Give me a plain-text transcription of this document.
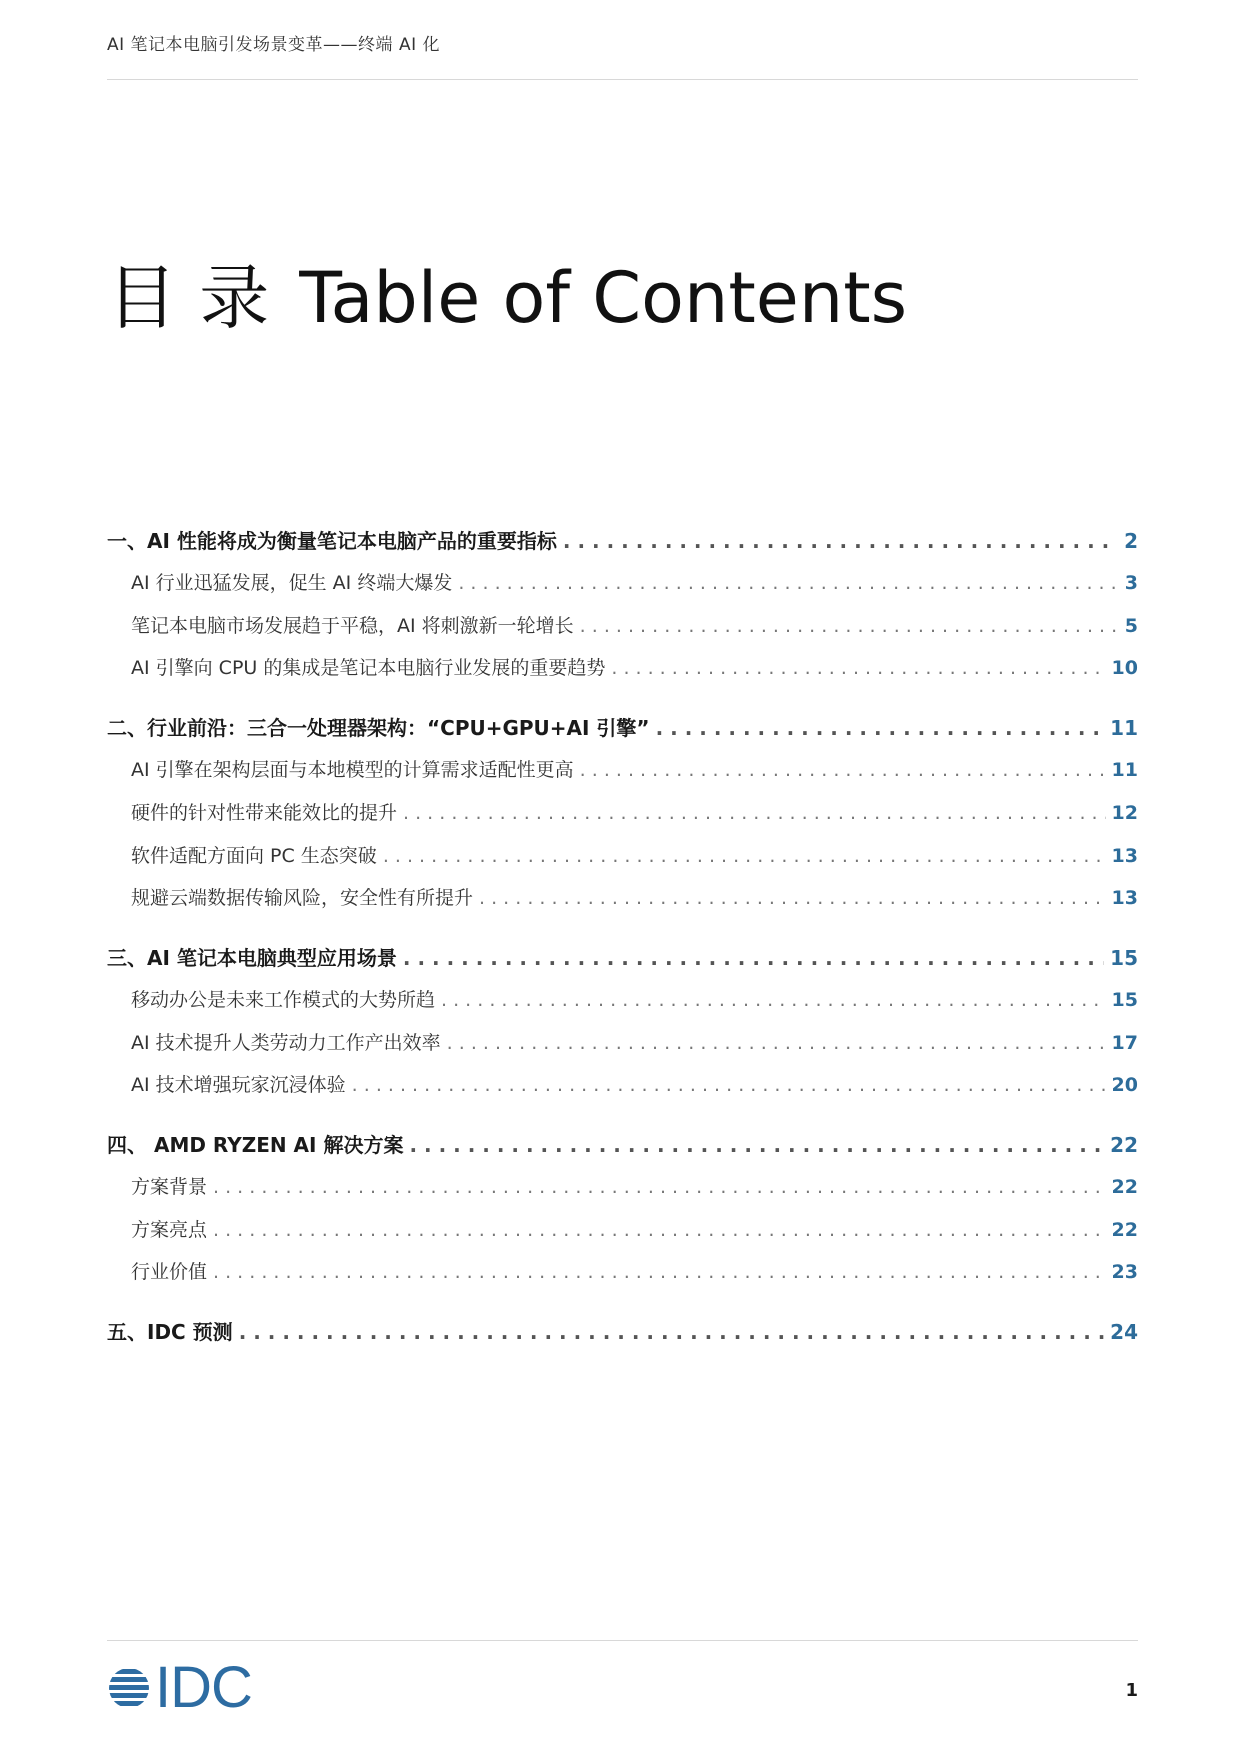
AI 笔记本电脑引发场景变革——终端 AI 化
目 录 Table of Contents
一、AI 性能将成为衡量笔记本电脑产品的重要指标 . . .	2
AI 行业迅猛发展，促生 AI 终端大爆发 . . .	3
笔记本电脑市场发展趋于平稳，AI 将刺激新一轮增长 . . .	5
AI 引擎向 CPU 的集成是笔记本电脑行业发展的重要趋势 . . .	10
二、行业前沿：三合一处理器架构：“CPU+GPU+AI 引擎” . . .	11
AI 引擎在架构层面与本地模型的计算需求适配性更高 . . .	11
硬件的针对性带来能效比的提升 . . .	12
软件适配方面向 PC 生态突破 . . .	13
规避云端数据传输风险，安全性有所提升 . . .	13
三、AI 笔记本电脑典型应用场景 . . .	15
移动办公是未来工作模式的大势所趋 . . .	15
AI 技术提升人类劳动力工作产出效率 . . .	17
AI 技术增强玩家沉浸体验 . . .	20
四、 AMD RYZEN AI 解决方案 . . .	22
方案背景 . . .	22
方案亮点 . . .	22
行业价值 . . .	23
五、IDC 预测 . . .	24
IDC	1
